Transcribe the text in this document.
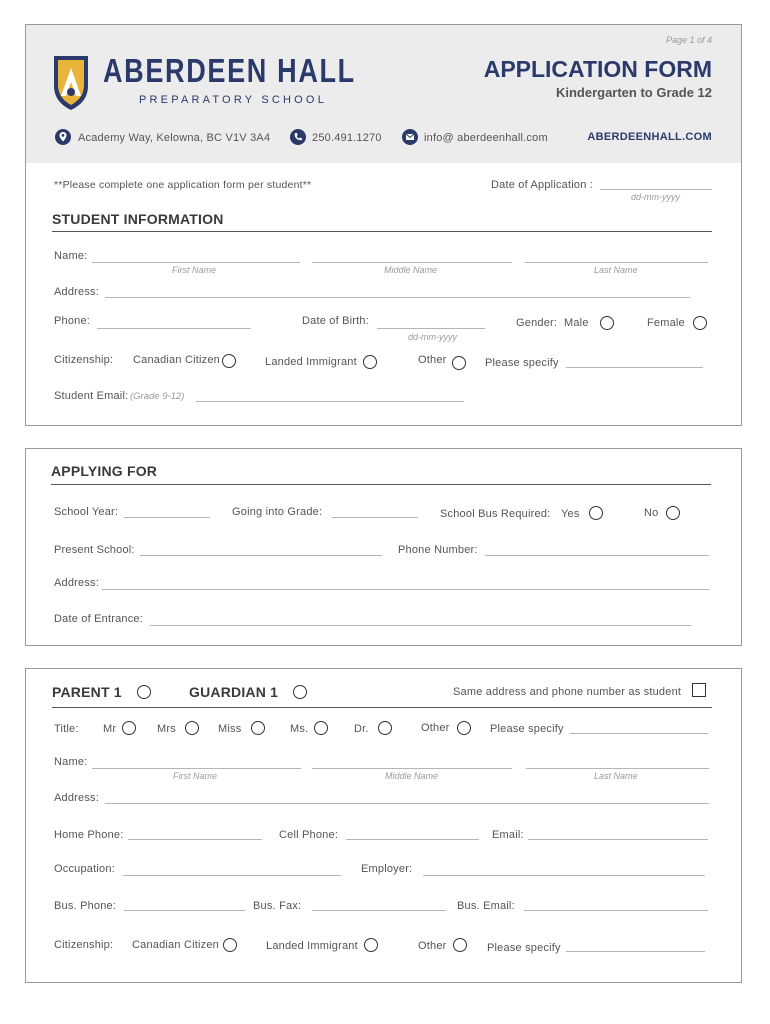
ABERDEEN HALL
PREPARATORY SCHOOL
Page 1 of 4
APPLICATION FORM
Kindergarten to Grade 12
Academy Way, Kelowna, BC V1V 3A4	250.491.1270	info@ aberdeenhall.com	ABERDEENHALL.COM
**Please complete one application form per student**	Date of Application :
dd-mm-yyyy
STUDENT INFORMATION
Name:
First Name	Middle Name	Last Name
Address:
Phone:	Date of Birth:
dd-mm-yyyy
Gender: Male	Female
Citizenship: Canadian Citizen	Landed Immigrant	Other	Please specify
Student Email: (Grade 9-12)
APPLYING FOR
School Year:	Going into Grade:	School Bus Required: Yes	No
Present School:	Phone Number:
Address:
Date of Entrance:
PARENT 1	GUARDIAN 1	Same address and phone number as student
Title: Mr	Mrs	Miss	Ms.	Dr.	Other	Please specify
Name:
First Name	Middle Name	Last Name
Address:
Home Phone:	Cell Phone:	Email:
Occupation:	Employer:
Bus. Phone:	Bus. Fax:	Bus. Email:
Citizenship: Canadian Citizen	Landed Immigrant	Other	Please specify
